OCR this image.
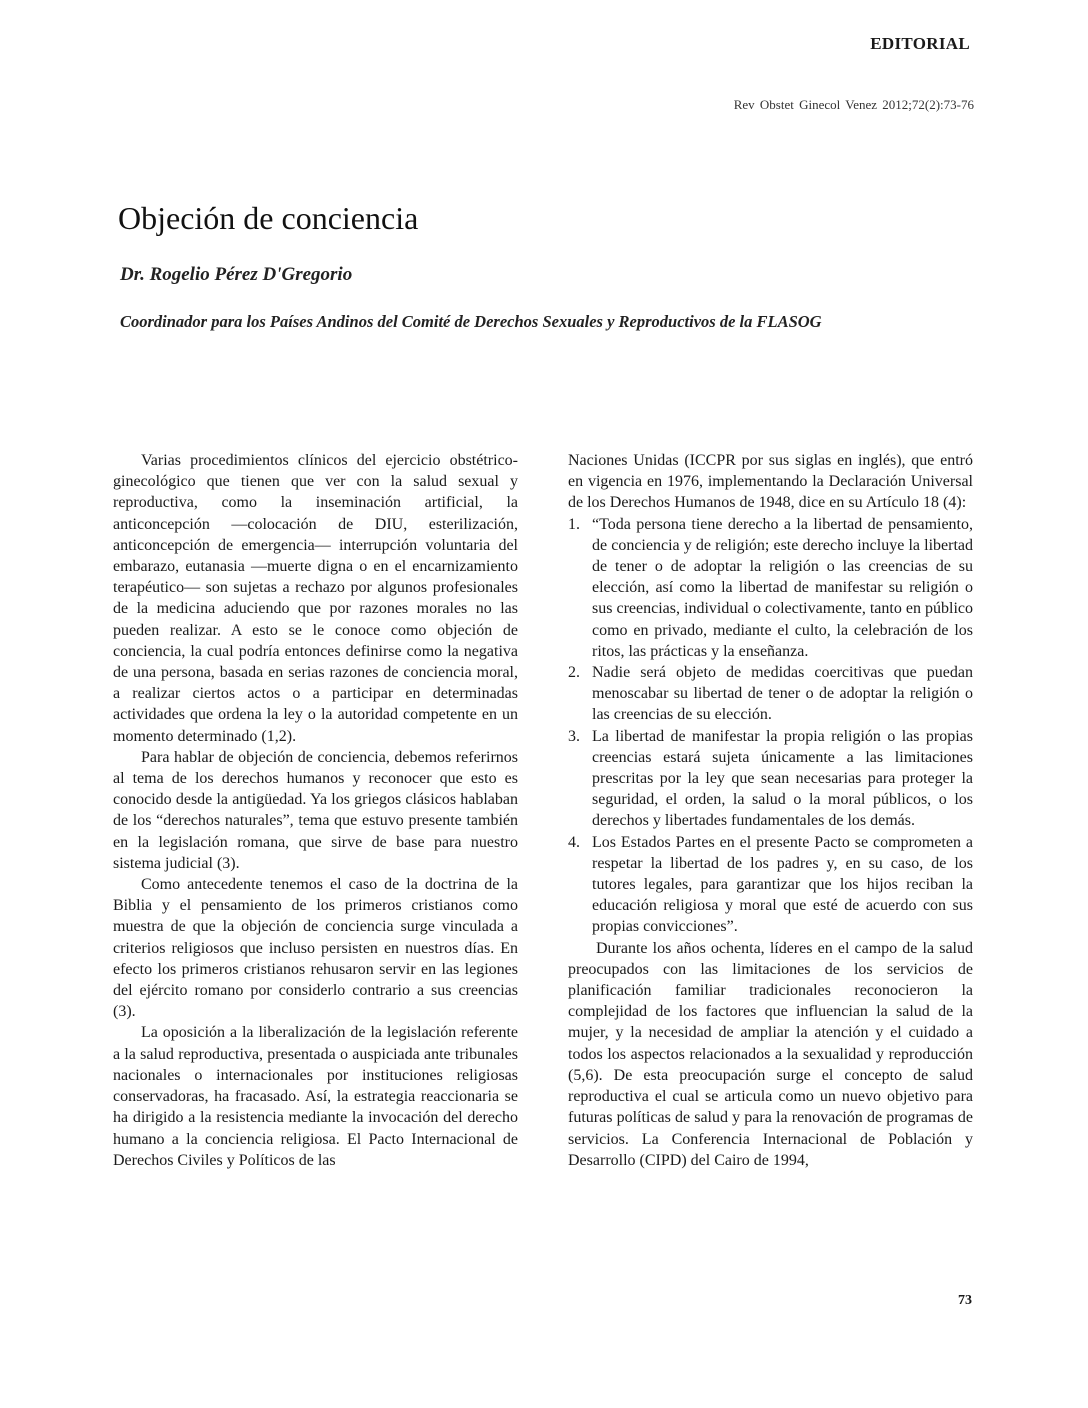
EDITORIAL
Rev Obstet Ginecol Venez 2012;72(2):73-76
Objeción de conciencia
Dr. Rogelio Pérez D'Gregorio
Coordinador para los Países Andinos del Comité de Derechos Sexuales y Reproductivos de la FLASOG

Varias procedimientos clínicos del ejercicio obstétrico-ginecológico que tienen que ver con la salud sexual y reproductiva, como la inseminación artificial, la anticoncepción —colocación de DIU, esterilización, anticoncepción de emergencia— interrupción voluntaria del embarazo, eutanasia —muerte digna o en el encarnizamiento terapéutico— son sujetas a rechazo por algunos profesionales de la medicina aduciendo que por razones morales no las pueden realizar. A esto se le conoce como objeción de conciencia, la cual podría entonces definirse como la negativa de una persona, basada en serias razones de conciencia moral, a realizar ciertos actos o a participar en determinadas actividades que ordena la ley o la autoridad competente en un momento determinado (1,2).

Para hablar de objeción de conciencia, debemos referirnos al tema de los derechos humanos y reconocer que esto es conocido desde la antigüedad. Ya los griegos clásicos hablaban de los “derechos naturales”, tema que estuvo presente también en la legislación romana, que sirve de base para nuestro sistema judicial (3).

Como antecedente tenemos el caso de la doctrina de la Biblia y el pensamiento de los primeros cristianos como muestra de que la objeción de conciencia surge vinculada a criterios religiosos que incluso persisten en nuestros días. En efecto los primeros cristianos rehusaron servir en las legiones del ejército romano por considerlo contrario a sus creencias (3).

La oposición a la liberalización de la legislación referente a la salud reproductiva, presentada o auspiciada ante tribunales nacionales o internacionales por instituciones religiosas conservadoras, ha fracasado. Así, la estrategia reaccionaria se ha dirigido a la resistencia mediante la invocación del derecho humano a la conciencia religiosa. El Pacto Internacional de Derechos Civiles y Políticos de las

Naciones Unidas (ICCPR por sus siglas en inglés), que entró en vigencia en 1976, implementando la Declaración Universal de los Derechos Humanos de 1948, dice en su Artículo 18 (4):

1. “Toda persona tiene derecho a la libertad de pensamiento, de conciencia y de religión; este derecho incluye la libertad de tener o de adoptar la religión o las creencias de su elección, así como la libertad de manifestar su religión o sus creencias, individual o colectivamente, tanto en público como en privado, mediante el culto, la celebración de los ritos, las prácticas y la enseñanza.
2. Nadie será objeto de medidas coercitivas que puedan menoscabar su libertad de tener o de adoptar la religión o las creencias de su elección.
3. La libertad de manifestar la propia religión o las propias creencias estará sujeta únicamente a las limitaciones prescritas por la ley que sean necesarias para proteger la seguridad, el orden, la salud o la moral públicos, o los derechos y libertades fundamentales de los demás.
4. Los Estados Partes en el presente Pacto se comprometen a respetar la libertad de los padres y, en su caso, de los tutores legales, para garantizar que los hijos reciban la educación religiosa y moral que esté de acuerdo con sus propias convicciones”.

Durante los años ochenta, líderes en el campo de la salud preocupados con las limitaciones de los servicios de planificación familiar tradicionales reconocieron la complejidad de los factores que influencian la salud de la mujer, y la necesidad de ampliar la atención y el cuidado a todos los aspectos relacionados a la sexualidad y reproducción (5,6). De esta preocupación surge el concepto de salud reproductiva el cual se articula como un nuevo objetivo para futuras políticas de salud y para la renovación de programas de servicios. La Conferencia Internacional de Población y Desarrollo (CIPD) del Cairo de 1994,

73
